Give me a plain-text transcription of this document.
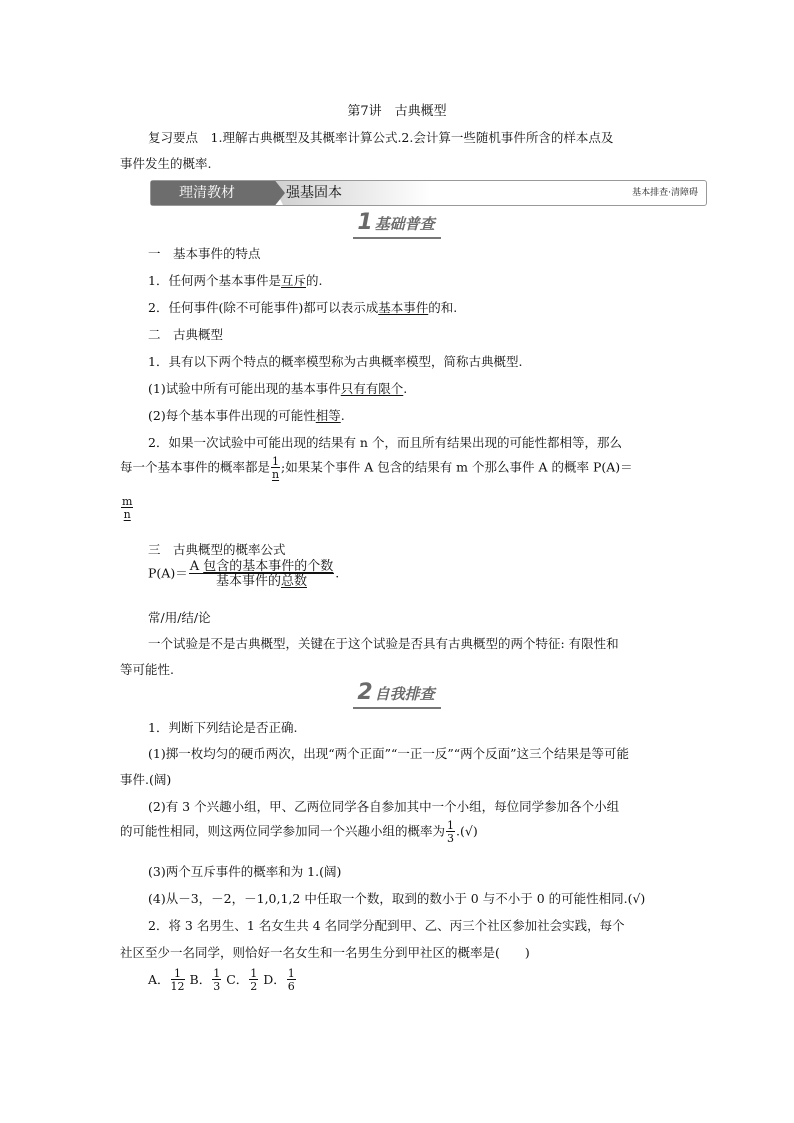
第7讲　古典概型
复习要点　1.理解古典概型及其概率计算公式.2.会计算一些随机事件所含的样本点及
事件发生的概率.
理清教材	强基固本	基本排查·清障碍
1 基础普查
一　基本事件的特点
1．任何两个基本事件是互斥的.
2．任何事件(除不可能事件)都可以表示成基本事件的和.
二　古典概型
1．具有以下两个特点的概率模型称为古典概率模型，简称古典概型.
(1)试验中所有可能出现的基本事件只有有限个.
(2)每个基本事件出现的可能性相等.
2．如果一次试验中可能出现的结果有 n 个，而且所有结果出现的可能性都相等，那么
每一个基本事件的概率都是 $\frac{1}{n}$ ;如果某个事件 A 包含的结果有 m 个那么事件 A 的概率 P(A)＝
$\frac{m}{n}$
三　古典概型的概率公式
$P(A)= \frac{\text{A 包含的基本事件的个数}}{\text{基本事件的总数}}$ .
常/用/结/论
一个试验是不是古典概型，关键在于这个试验是否具有古典概型的两个特征: 有限性和
等可能性.
2 自我排查
1．判断下列结论是否正确.
(1)掷一枚均匀的硬币两次，出现“两个正面”“一正一反”“两个反面”这三个结果是等可能
事件.(阔)
(2)有 3 个兴趣小组，甲、乙两位同学各自参加其中一个小组，每位同学参加各个小组
的可能性相同，则这两位同学参加同一个兴趣小组的概率为 $\frac{1}{3}$ .(√)
(3)两个互斥事件的概率和为 1.(阔)
(4)从－3，－2，－1,0,1,2 中任取一个数，取到的数小于 0 与不小于 0 的可能性相同.(√)
2．将 3 名男生、1 名女生共 4 名同学分配到甲、乙、丙三个社区参加社会实践，每个
社区至少一名同学，则恰好一名女生和一名男生分到甲社区的概率是(　　)
A． $\frac{1}{12}$ B． $\frac{1}{3}$ C． $\frac{1}{2}$ D． $\frac{1}{6}$
